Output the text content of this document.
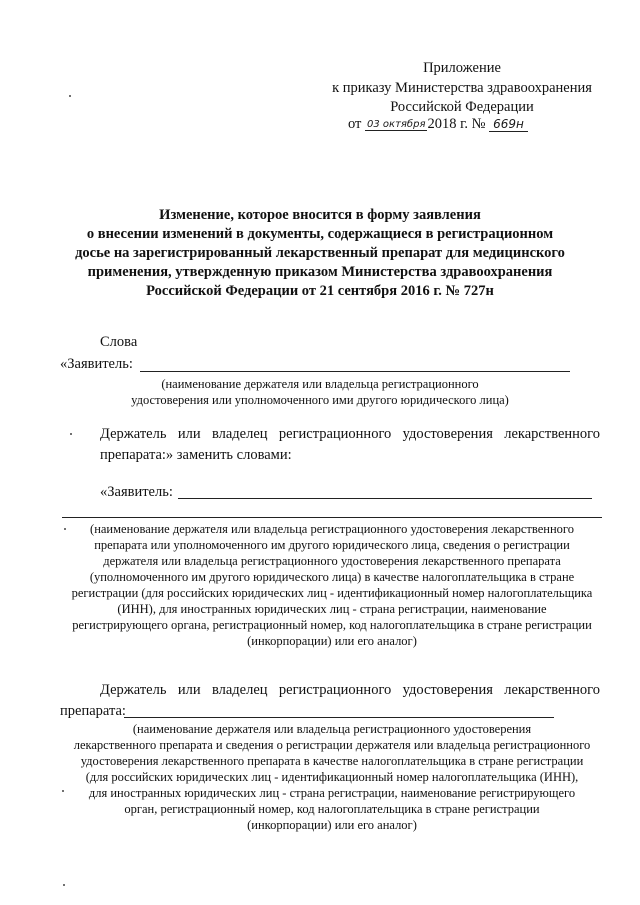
Приложение
к приказу Министерства здравоохранения
Российской Федерации
от 03 октября 2018 г. № 669н
Изменение, которое вносится в форму заявления
о внесении изменений в документы, содержащиеся в регистрационном
досье на зарегистрированный лекарственный препарат для медицинского
применения, утвержденную приказом Министерства здравоохранения
Российской Федерации от 21 сентября 2016 г. № 727н
Слова
«Заявитель:
(наименование держателя или владельца регистрационного
удостоверения или уполномоченного ими другого юридического лица)
Держатель или владелец регистрационного удостоверения лекарственного
препарата:» заменить словами:
«Заявитель:
(наименование держателя или владельца регистрационного удостоверения лекарственного
препарата или уполномоченного им другого юридического лица, сведения о регистрации
держателя или владельца регистрационного удостоверения лекарственного препарата
(уполномоченного им другого юридического лица) в качестве налогоплательщика в стране
регистрации (для российских юридических лиц - идентификационный номер налогоплательщика
(ИНН), для иностранных юридических лиц - страна регистрации, наименование
регистрирующего органа, регистрационный номер, код налогоплательщика в стране регистрации
(инкорпорации) или его аналог)
Держатель или владелец регистрационного удостоверения лекарственного
препарата:
(наименование держателя или владельца регистрационного удостоверения
лекарственного препарата и сведения о регистрации держателя или владельца регистрационного
удостоверения лекарственного препарата в качестве налогоплательщика в стране регистрации
(для российских юридических лиц - идентификационный номер налогоплательщика (ИНН),
для иностранных юридических лиц - страна регистрации, наименование регистрирующего
орган, регистрационный номер, код налогоплательщика в стране регистрации
(инкорпорации) или его аналог)
